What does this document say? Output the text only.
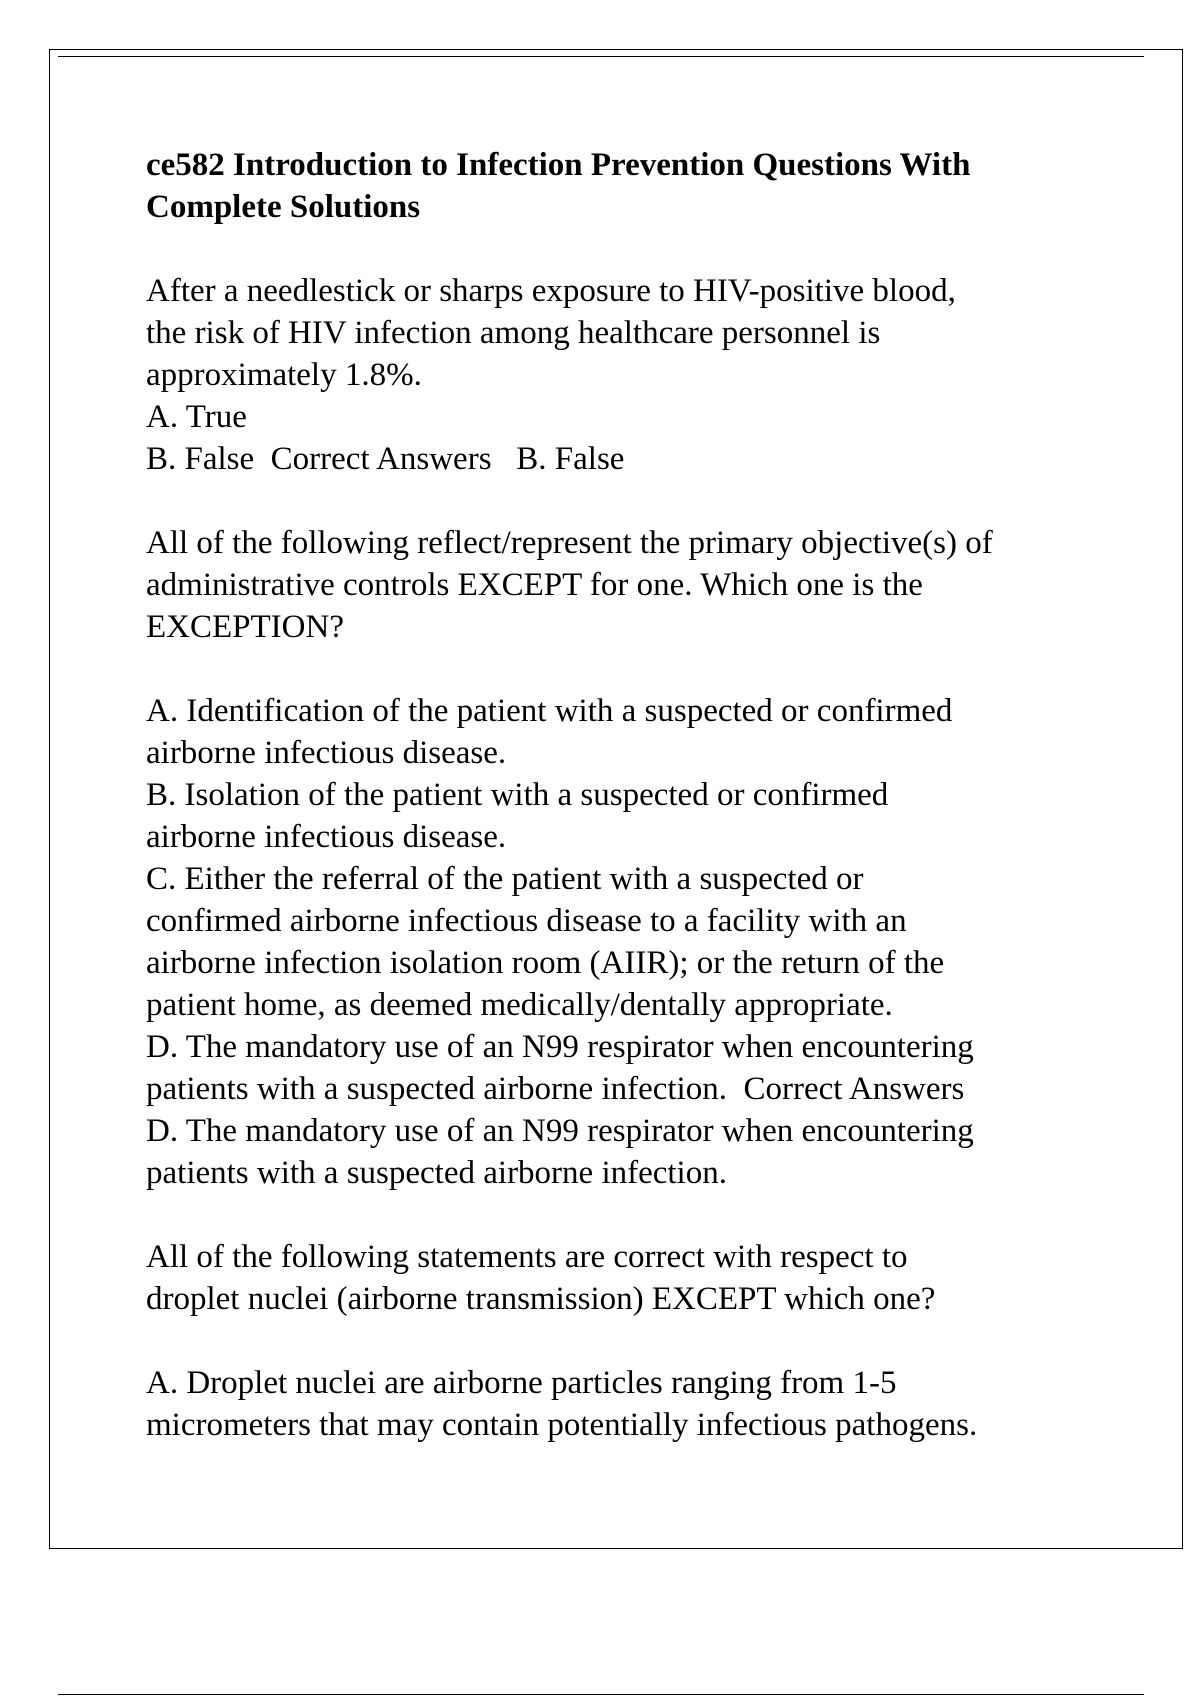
ce582 Introduction to Infection Prevention Questions With
Complete Solutions
After a needlestick or sharps exposure to HIV-positive blood,
the risk of HIV infection among healthcare personnel is
approximately 1.8%.
A. True
B. False  Correct Answers   B. False
All of the following reflect/represent the primary objective(s) of
administrative controls EXCEPT for one. Which one is the
EXCEPTION?
A. Identification of the patient with a suspected or confirmed
airborne infectious disease.
B. Isolation of the patient with a suspected or confirmed
airborne infectious disease.
C. Either the referral of the patient with a suspected or
confirmed airborne infectious disease to a facility with an
airborne infection isolation room (AIIR); or the return of the
patient home, as deemed medically/dentally appropriate.
D. The mandatory use of an N99 respirator when encountering
patients with a suspected airborne infection.  Correct Answers
D. The mandatory use of an N99 respirator when encountering
patients with a suspected airborne infection.
All of the following statements are correct with respect to
droplet nuclei (airborne transmission) EXCEPT which one?
A. Droplet nuclei are airborne particles ranging from 1-5
micrometers that may contain potentially infectious pathogens.
